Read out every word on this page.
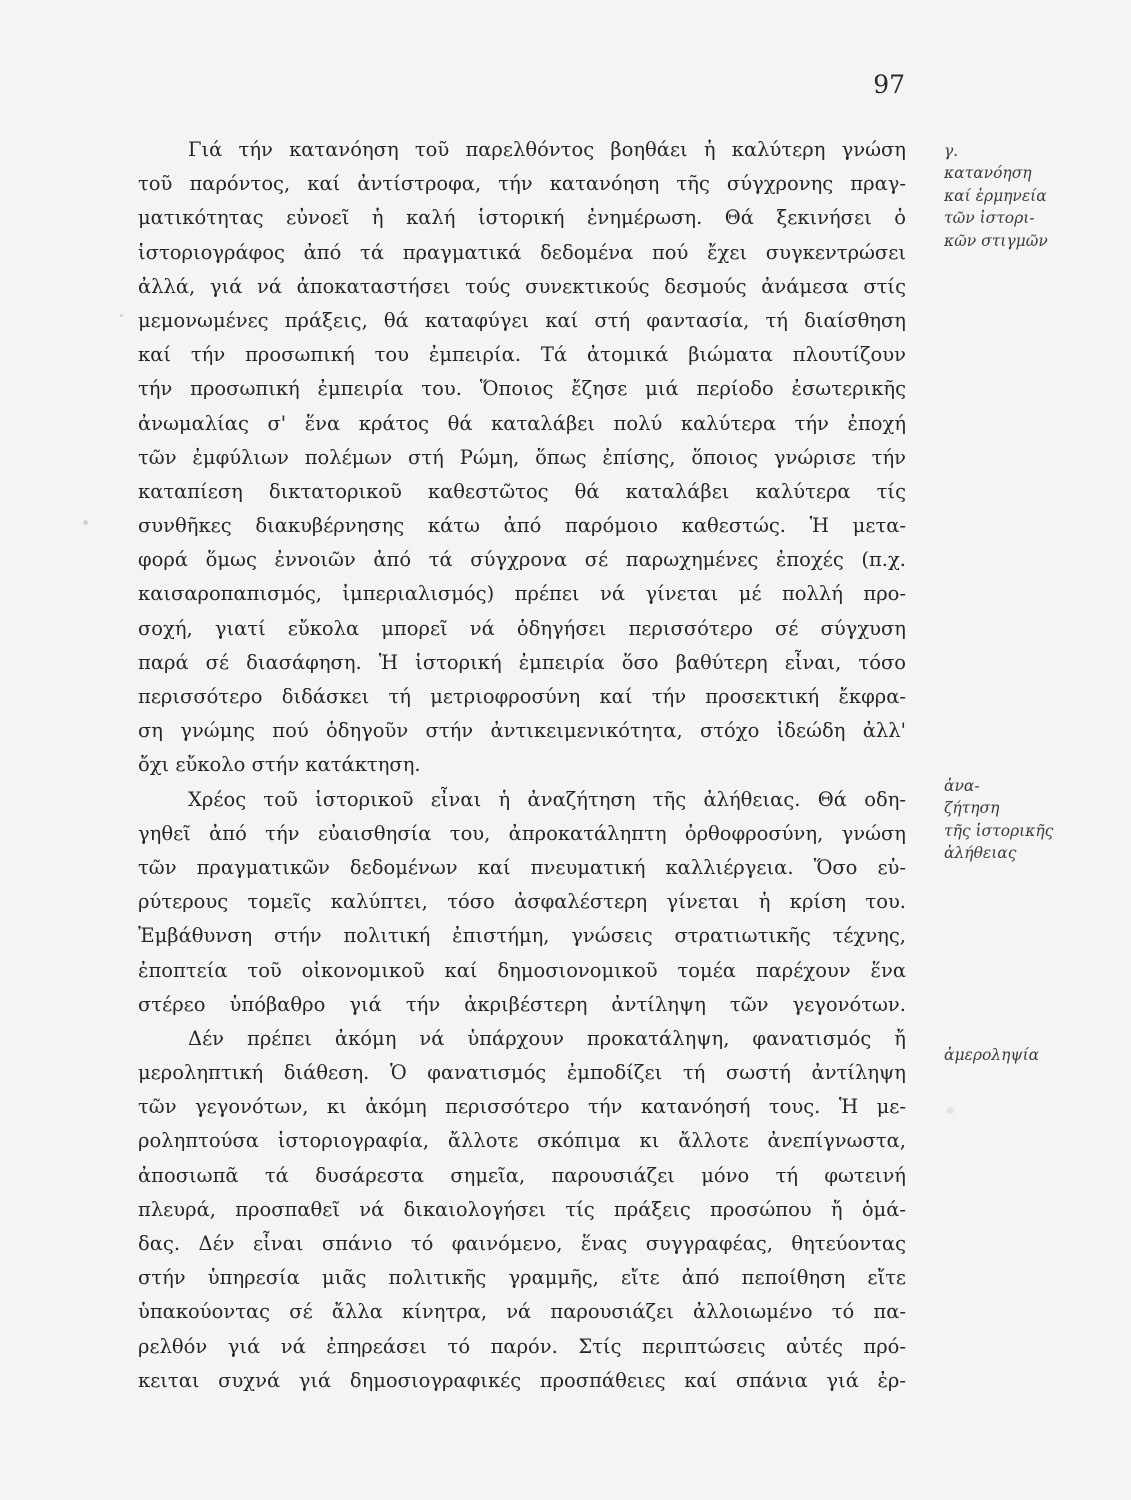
97
Γιά τήν κατανόηση τοῦ παρελθόντος βοηθάει ἡ καλύτερη γνώση
τοῦ παρόντος, καί ἀντίστροφα, τήν κατανόηση τῆς σύγχρονης πραγ-
ματικότητας εὐνοεῖ ἡ καλή ἱστορική ἐνημέρωση. Θά ξεκινήσει ὁ
ἱστοριογράφος ἀπό τά πραγματικά δεδομένα πού ἔχει συγκεντρώσει
ἀλλά, γιά νά ἀποκαταστήσει τούς συνεκτικούς δεσμούς ἀνάμεσα στίς
μεμονωμένες πράξεις, θά καταφύγει καί στή φαντασία, τή διαίσθηση
καί τήν προσωπική του ἐμπειρία. Τά ἀτομικά βιώματα πλουτίζουν
τήν προσωπική ἐμπειρία του. Ὅποιος ἔζησε μιά περίοδο ἐσωτερικῆς
ἀνωμαλίας σ' ἕνα κράτος θά καταλάβει πολύ καλύτερα τήν ἐποχή
τῶν ἐμφύλιων πολέμων στή Ρώμη, ὅπως ἐπίσης, ὅποιος γνώρισε τήν
καταπίεση δικτατορικοῦ καθεστῶτος θά καταλάβει καλύτερα τίς
συνθῆκες διακυβέρνησης κάτω ἀπό παρόμοιο καθεστώς. Ἡ μετα-
φορά ὅμως ἐννοιῶν ἀπό τά σύγχρονα σέ παρωχημένες ἐποχές (π.χ.
καισαροπαπισμός, ἰμπεριαλισμός) πρέπει νά γίνεται μέ πολλή προ-
σοχή, γιατί εὔκολα μπορεῖ νά ὁδηγήσει περισσότερο σέ σύγχυση
παρά σέ διασάφηση. Ἡ ἱστορική ἐμπειρία ὅσο βαθύτερη εἶναι, τόσο
περισσότερο διδάσκει τή μετριοφροσύνη καί τήν προσεκτική ἔκφρα-
ση γνώμης πού ὁδηγοῦν στήν ἀντικειμενικότητα, στόχο ἰδεώδη ἀλλ'
ὄχι εὔκολο στήν κατάκτηση.
Χρέος τοῦ ἱστορικοῦ εἶναι ἡ ἀναζήτηση τῆς ἀλήθειας. Θά οδη-
γηθεῖ ἀπό τήν εὐαισθησία του, ἀπροκατάληπτη ὀρθοφροσύνη, γνώση
τῶν πραγματικῶν δεδομένων καί πνευματική καλλιέργεια. Ὅσο εὐ-
ρύτερους τομεῖς καλύπτει, τόσο ἀσφαλέστερη γίνεται ἡ κρίση του.
Ἐμβάθυνση στήν πολιτική ἐπιστήμη, γνώσεις στρατιωτικῆς τέχνης,
ἐποπτεία τοῦ οἰκονομικοῦ καί δημοσιονομικοῦ τομέα παρέχουν ἕνα
στέρεο ὑπόβαθρο γιά τήν ἀκριβέστερη ἀντίληψη τῶν γεγονότων.
Δέν πρέπει ἀκόμη νά ὑπάρχουν προκατάληψη, φανατισμός ἤ
μεροληπτική διάθεση. Ὁ φανατισμός ἐμποδίζει τή σωστή ἀντίληψη
τῶν γεγονότων, κι ἀκόμη περισσότερο τήν κατανόησή τους. Ἡ με-
ροληπτούσα ἱστοριογραφία, ἄλλοτε σκόπιμα κι ἄλλοτε ἀνεπίγνωστα,
ἀποσιωπᾶ τά δυσάρεστα σημεῖα, παρουσιάζει μόνο τή φωτεινή
πλευρά, προσπαθεῖ νά δικαιολογήσει τίς πράξεις προσώπου ἤ ὁμά-
δας. Δέν εἶναι σπάνιο τό φαινόμενο, ἕνας συγγραφέας, θητεύοντας
στήν ὑπηρεσία μιᾶς πολιτικῆς γραμμῆς, εἴτε ἀπό πεποίθηση εἴτε
ὑπακούοντας σέ ἄλλα κίνητρα, νά παρουσιάζει ἀλλοιωμένο τό πα-
ρελθόν γιά νά ἐπηρεάσει τό παρόν. Στίς περιπτώσεις αὐτές πρό-
κειται συχνά γιά δημοσιογραφικές προσπάθειες καί σπάνια γιά ἐρ-
γ.
κατανόηση
καί ἑρμηνεία
τῶν ἱστορι-
κῶν στιγμῶν
ἀνα-
ζήτηση
τῆς ἱστορικῆς
ἀλήθειας
ἀμεροληψία
